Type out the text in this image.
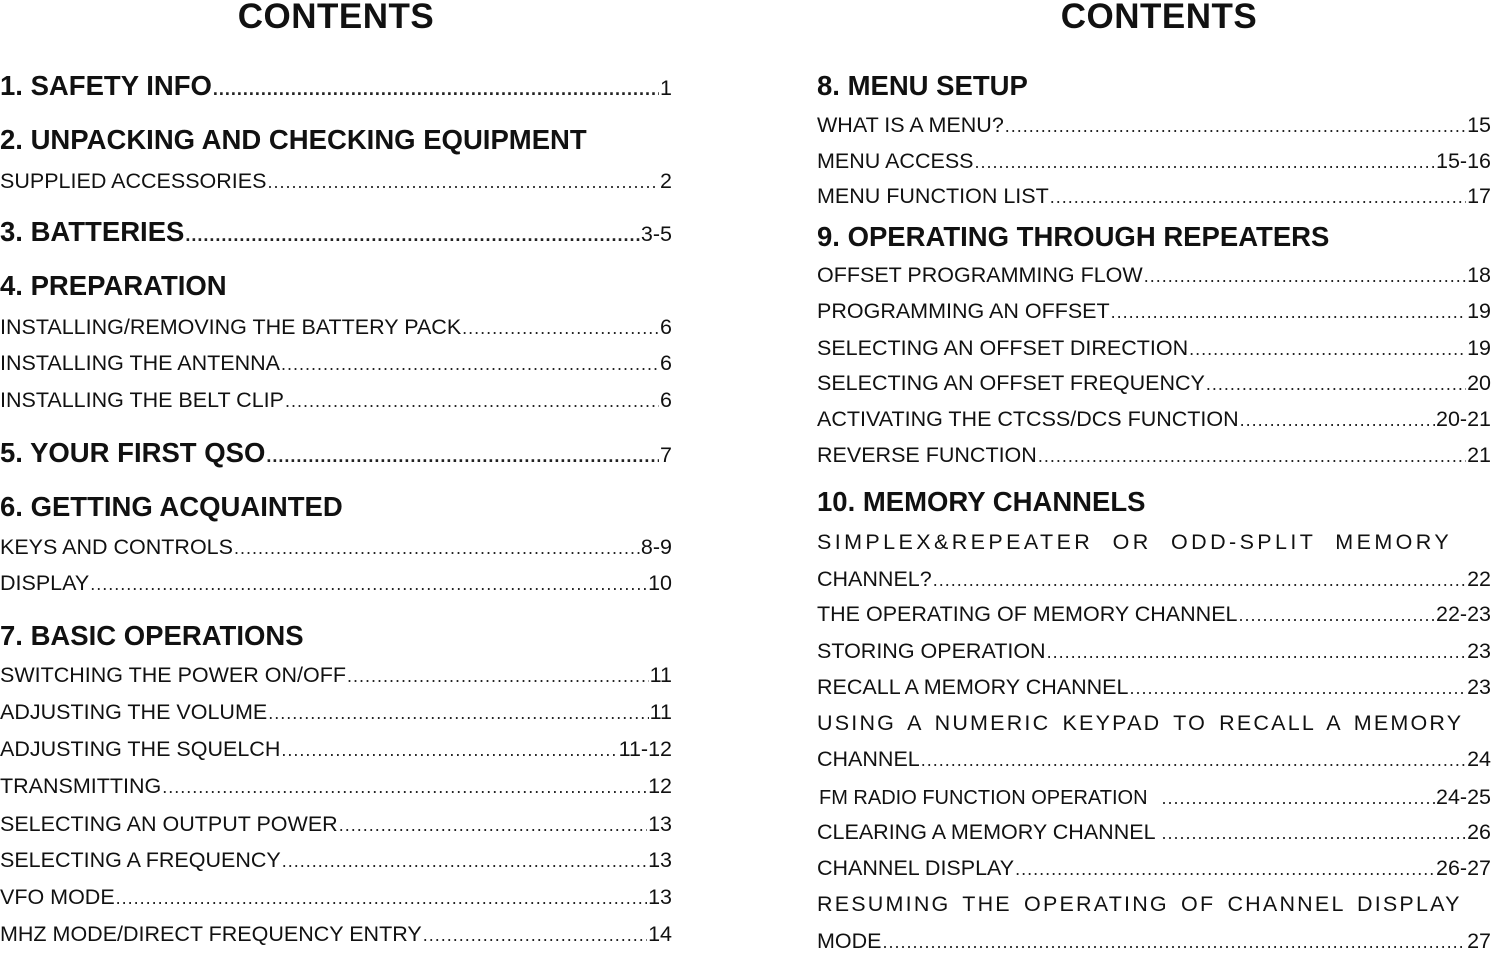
CONTENTS
1. SAFETY INFO .....	1
2. UNPACKING AND CHECKING EQUIPMENT
SUPPLIED ACCESSORIES .....	2
3. BATTERIES .....	3-5
4. PREPARATION
INSTALLING/REMOVING THE BATTERY PACK .....	6
INSTALLING THE ANTENNA .....	6
INSTALLING THE BELT CLIP .....	6
5. YOUR FIRST QSO .....	7
6. GETTING ACQUAINTED
KEYS AND CONTROLS .....	8-9
DISPLAY .....	10
7. BASIC OPERATIONS
SWITCHING THE POWER ON/OFF .....	11
ADJUSTING THE VOLUME .....	11
ADJUSTING THE SQUELCH .....	11-12
TRANSMITTING .....	12
SELECTING AN OUTPUT POWER .....	13
SELECTING A FREQUENCY .....	13
VFO MODE .....	13
MHZ MODE/DIRECT FREQUENCY ENTRY .....	14
CONTENTS
8. MENU SETUP
WHAT IS A MENU? .....	15
MENU ACCESS .....	15-16
MENU FUNCTION LIST .....	17
9. OPERATING THROUGH REPEATERS
OFFSET PROGRAMMING FLOW .....	18
PROGRAMMING AN OFFSET .....	19
SELECTING AN OFFSET DIRECTION .....	19
SELECTING AN OFFSET FREQUENCY .....	20
ACTIVATING THE CTCSS/DCS FUNCTION .....	20-21
REVERSE FUNCTION .....	21
10. MEMORY CHANNELS
SIMPLEX&REPEATER OR ODD-SPLIT MEMORY
CHANNEL? .....	22
THE OPERATING OF MEMORY CHANNEL .....	22-23
STORING OPERATION .....	23
RECALL A MEMORY CHANNEL .....	23
USING A NUMERIC KEYPAD TO RECALL A MEMORY
CHANNEL .....	24
FM RADIO FUNCTION OPERATION .....	24-25
CLEARING A MEMORY CHANNEL .....	26
CHANNEL DISPLAY .....	26-27
RESUMING THE OPERATING OF CHANNEL DISPLAY
MODE .....	27
